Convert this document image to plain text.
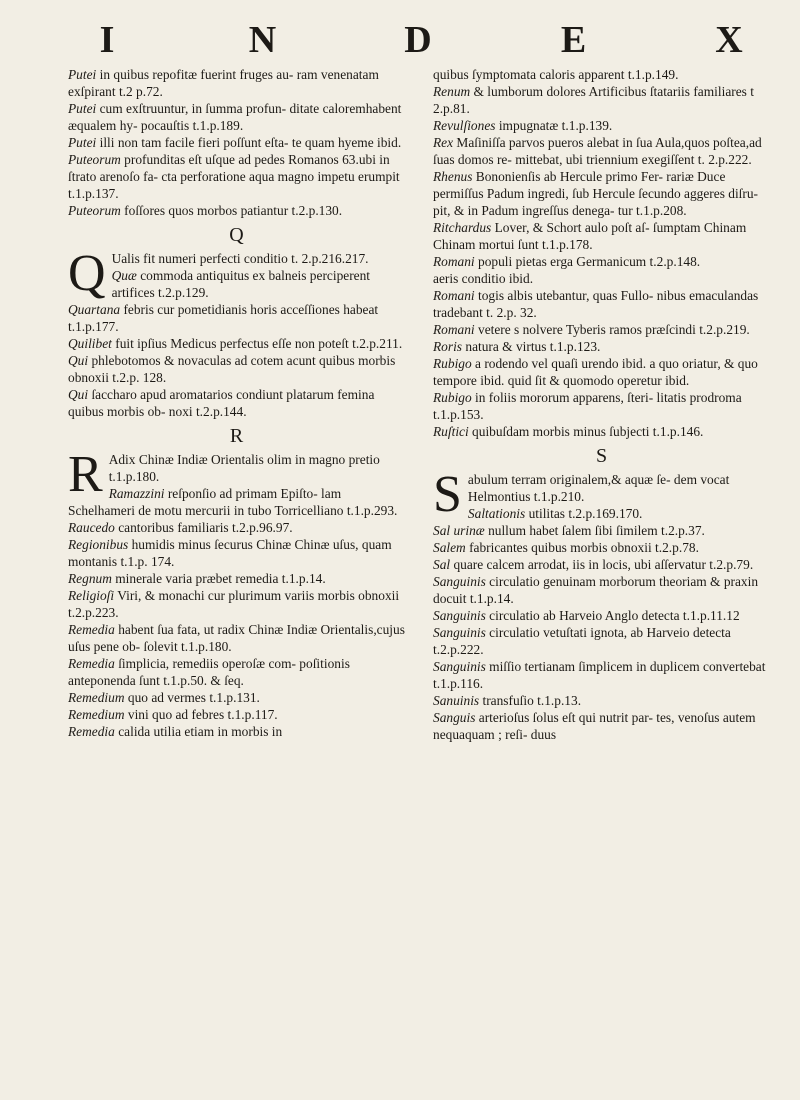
I	N	D	E	X

Putei in quibus repofitæ fuerint fruges au- ram venenatam exſpirant t.2 p.72.

Putei cum exſtruuntur, in ſumma profun- ditate caloremhabent æqualem hy- pocauſtis t.1.p.189.

Putei illi non tam facile fieri poſſunt eſta- te quam hyeme ibid.

Puteorum profunditas eſt uſque ad pedes Romanos 63.ubi in ſtrato arenoſo fa- cta perforatione aqua magno impetu erumpit t.1.p.137.

Puteorum foſſores quos morbos patiantur t.2.p.130.

Q

Q Ualis fit numeri perfecti conditio t. 2.p.216.217.

Quæ commoda antiquitus ex balneis perciperent artifices t.2.p.129.

Quartana febris cur pometidianis horis acceſſiones habeat t.1.p.177.

Quilibet fuit ipſius Medicus perfectus eſſe non poteſt t.2.p.211.

Qui phlebotomos & novaculas ad cotem acunt quibus morbis obnoxii t.2.p. 128.

Qui ſaccharo apud aromatarios condiunt platarum femina quibus morbis ob- noxi t.2.p.144.

R

R Adix Chinæ Indiæ Orientalis olim in magno pretio t.1.p.180.

Ramazzini reſponſio ad primam Epiſto- lam Schelhameri de motu mercurii in tubo Torricelliano t.1.p.293.

Raucedo cantoribus familiaris t.2.p.96.97.

Regionibus humidis minus ſecurus Chinæ Chinæ uſus, quam montanis t.1.p. 174.

Regnum minerale varia præbet remedia t.1.p.14.

Religioſi Viri, & monachi cur plurimum variis morbis obnoxii t.2.p.223.

Remedia habent ſua fata, ut radix Chinæ Indiæ Orientalis,cujus uſus pene ob- ſolevit t.1.p.180.

Remedia ſimplicia, remediis operoſæ com- poſitionis anteponenda ſunt t.1.p.50. & ſeq.

Remedium quo ad vermes t.1.p.131.

Remedium vini quo ad febres t.1.p.117.

Remedia calida utilia etiam in morbis in

quibus ſymptomata caloris apparent t.1.p.149.

Renum & lumborum dolores Artificibus ſtatariis familiares t 2.p.81.

Revulſiones impugnatæ t.1.p.139.

Rex Maſiniſſa parvos pueros alebat in ſua Aula,quos poſtea,ad ſuas domos re- mittebat, ubi triennium exegiſſent t. 2.p.222.

Rhenus Bononienſis ab Hercule primo Fer- rariæ Duce permiſſus Padum ingredi, ſub Hercule ſecundo aggeres diſru- pit, & in Padum ingreſſus denega- tur t.1.p.208.

Ritchardus Lover, & Schort aulo poſt aſ- ſumptam Chinam Chinam mortui ſunt t.1.p.178.

Romani populi pietas erga Germanicum t.2.p.148.

aeris conditio ibid.

Romani togis albis utebantur, quas Fullo- nibus emaculandas tradebant t. 2.p. 32.

Romani vetere s nolvere Tyberis ramos præſcindi t.2.p.219.

Roris natura & virtus t.1.p.123.

Rubigo a rodendo vel quaſi urendo ibid. a quo oriatur, & quo tempore ibid. quid ſit & quomodo operetur ibid.

Rubigo in foliis mororum apparens, ſteri- litatis prodroma t.1.p.153.

Ruſtici quibuſdam morbis minus ſubjecti t.1.p.146.

S

Sabulum terram originalem,& aquæ ſe- dem vocat Helmontius t.1.p.210.

Saltationis utilitas t.2.p.169.170.

Sal urinæ nullum habet ſalem ſibi ſimilem t.2.p.37.

Salem fabricantes quibus morbis obnoxii t.2.p.78.

Sal quare calcem arrodat, iis in locis, ubi aſſervatur t.2.p.79.

Sanguinis circulatio genuinam morborum theoriam & praxin docuit t.1.p.14.

Sanguinis circulatio ab Harveio Anglo detecta t.1.p.11.12

Sanguinis circulatio vetuſtati ignota, ab Harveio detecta t.2.p.222.

Sanguinis miſſio tertianam ſimplicem in duplicem convertebat t.1.p.116.

Sanuinis transfuſio t.1.p.13.

Sanguis arterioſus ſolus eſt qui nutrit par- tes, venoſus autem nequaquam ; reſi- duus
